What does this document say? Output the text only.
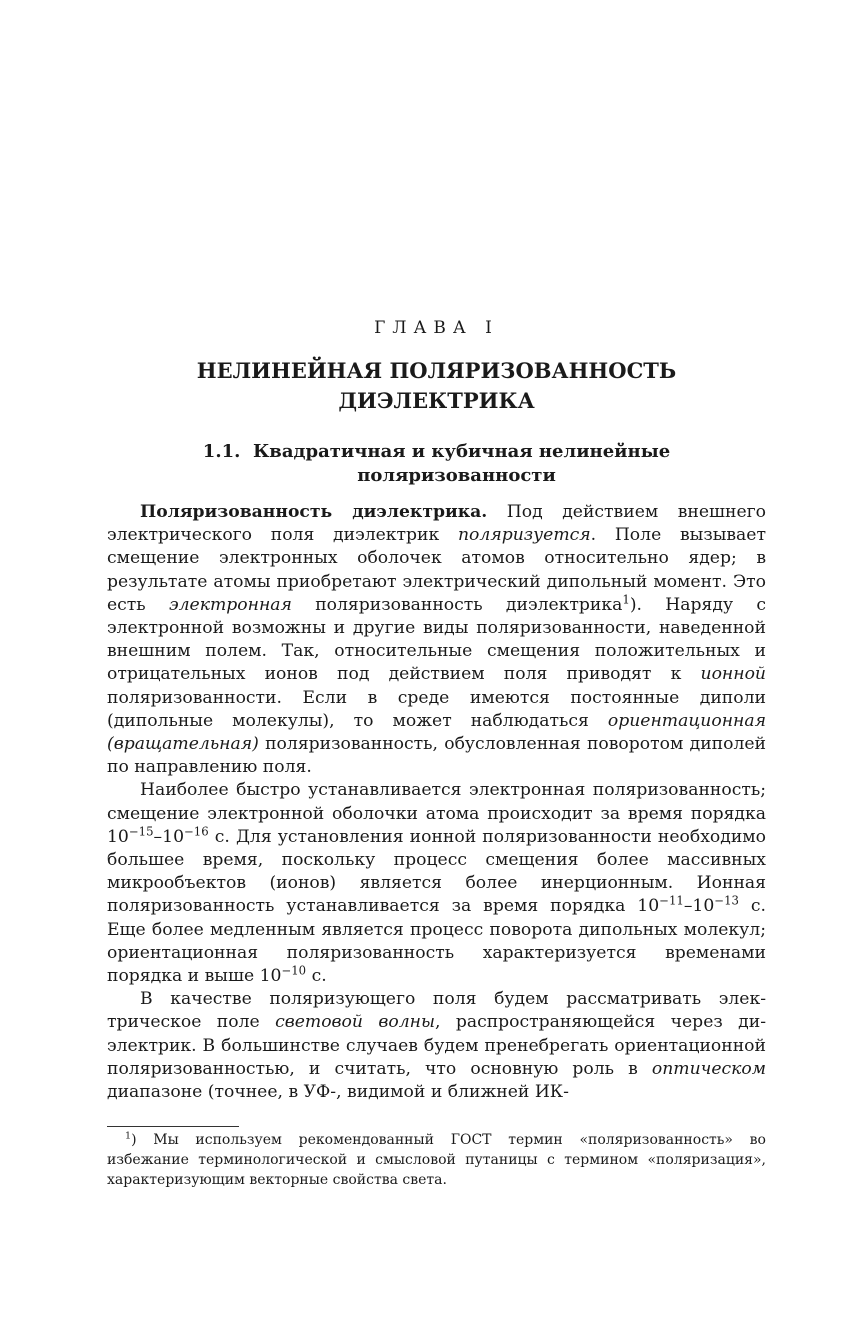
ГЛАВА I
НЕЛИНЕЙНАЯ ПОЛЯРИЗОВАННОСТЬ
ДИЭЛЕКТРИКА
1.1. Квадратичная и кубичная нелинейные
поляризованности

Поляризованность диэлектрика. Под действием внешнего электрического поля диэлектрик поляризуется. Поле вызывает смещение электронных оболочек атомов относительно ядер; в результате атомы приобретают электрический дипольный момент. Это есть электронная поляризованность диэлектрика$^1$). Наряду с электронной возможны и другие виды поляризованности, наведенной внешним полем. Так, относительные смещения положительных и отрицательных ионов под действием поля приводят к ионной поляризованности. Если в среде имеются постоянные диполи (дипольные молекулы), то может наблюдаться ориентационная (вращательная) поляризованность, обусловленная поворотом диполей по направлению поля.

Наиболее быстро устанавливается электронная поляризованность; смещение электронной оболочки атома происходит за время порядка $10^{-15}-10^{-16}$ с. Для установления ионной поляризованности необходимо большее время, поскольку процесс смещения более массивных микрообъектов (ионов) является более инерционным. Ионная поляризованность устанавливается за время порядка $10^{-11}-10^{-13}$ с. Еще более медленным является процесс поворота дипольных молекул; ориентационная поляризованность характеризуется временами порядка и выше $10^{-10}$ с.

В качестве поляризующего поля будем рассматривать электрическое поле световой волны, распространяющейся через диэлектрик. В большинстве случаев будем пренебрегать ориентационной поляризованностью, и считать, что основную роль в оптическом диапазоне (точнее, в УФ-, видимой и ближней ИК-

$^1$) Мы используем рекомендованный ГОСТ термин «поляризованность» во избежание терминологической и смысловой путаницы с термином «поляризация», характеризующим векторные свойства света.
